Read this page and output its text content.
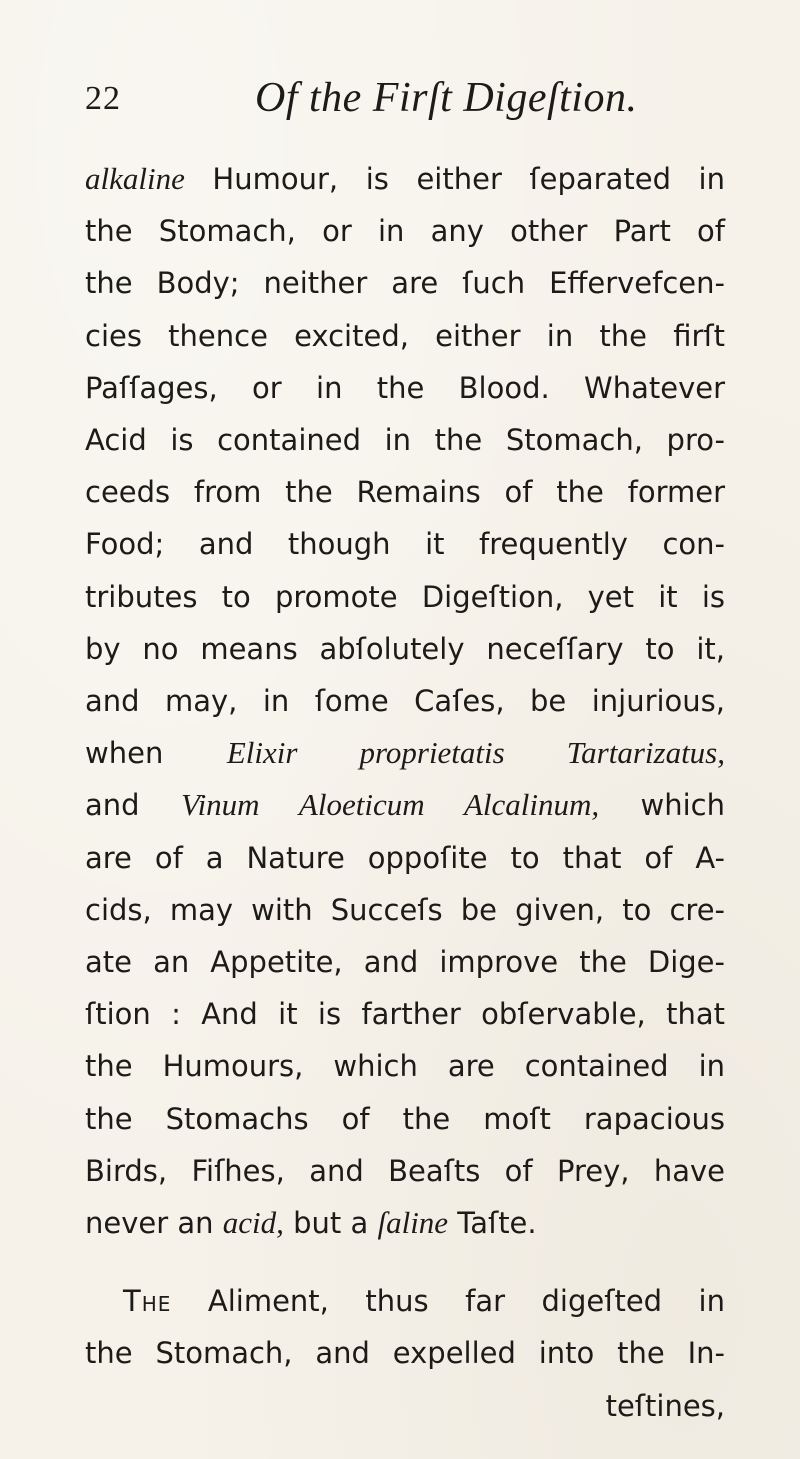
22	Of the Firſt Digeſtion.
alkaline Humour, is either ſeparated in
the Stomach, or in any other Part of
the Body; neither are ſuch Effervefcen-
cies thence excited, either in the firſt
Paſſages, or in the Blood. Whatever
Acid is contained in the Stomach, pro-
ceeds from the Remains of the former
Food; and though it frequently con-
tributes to promote Digeſtion, yet it is
by no means abſolutely neceſſary to it,
and may, in ſome Caſes, be injurious,
when Elixir proprietatis Tartarizatus,
and Vinum Aloeticum Alcalinum, which
are of a Nature oppoſite to that of A-
cids, may with Succeſs be given, to cre-
ate an Appetite, and improve the Dige-
ſtion : And it is farther obſervable, that
the Humours, which are contained in
the Stomachs of the moſt rapacious
Birds, Fiſhes, and Beaſts of Prey, have
never an acid, but a ſaline Taſte.
The Aliment, thus far digeſted in
the Stomach, and expelled into the In-
teſtines,
